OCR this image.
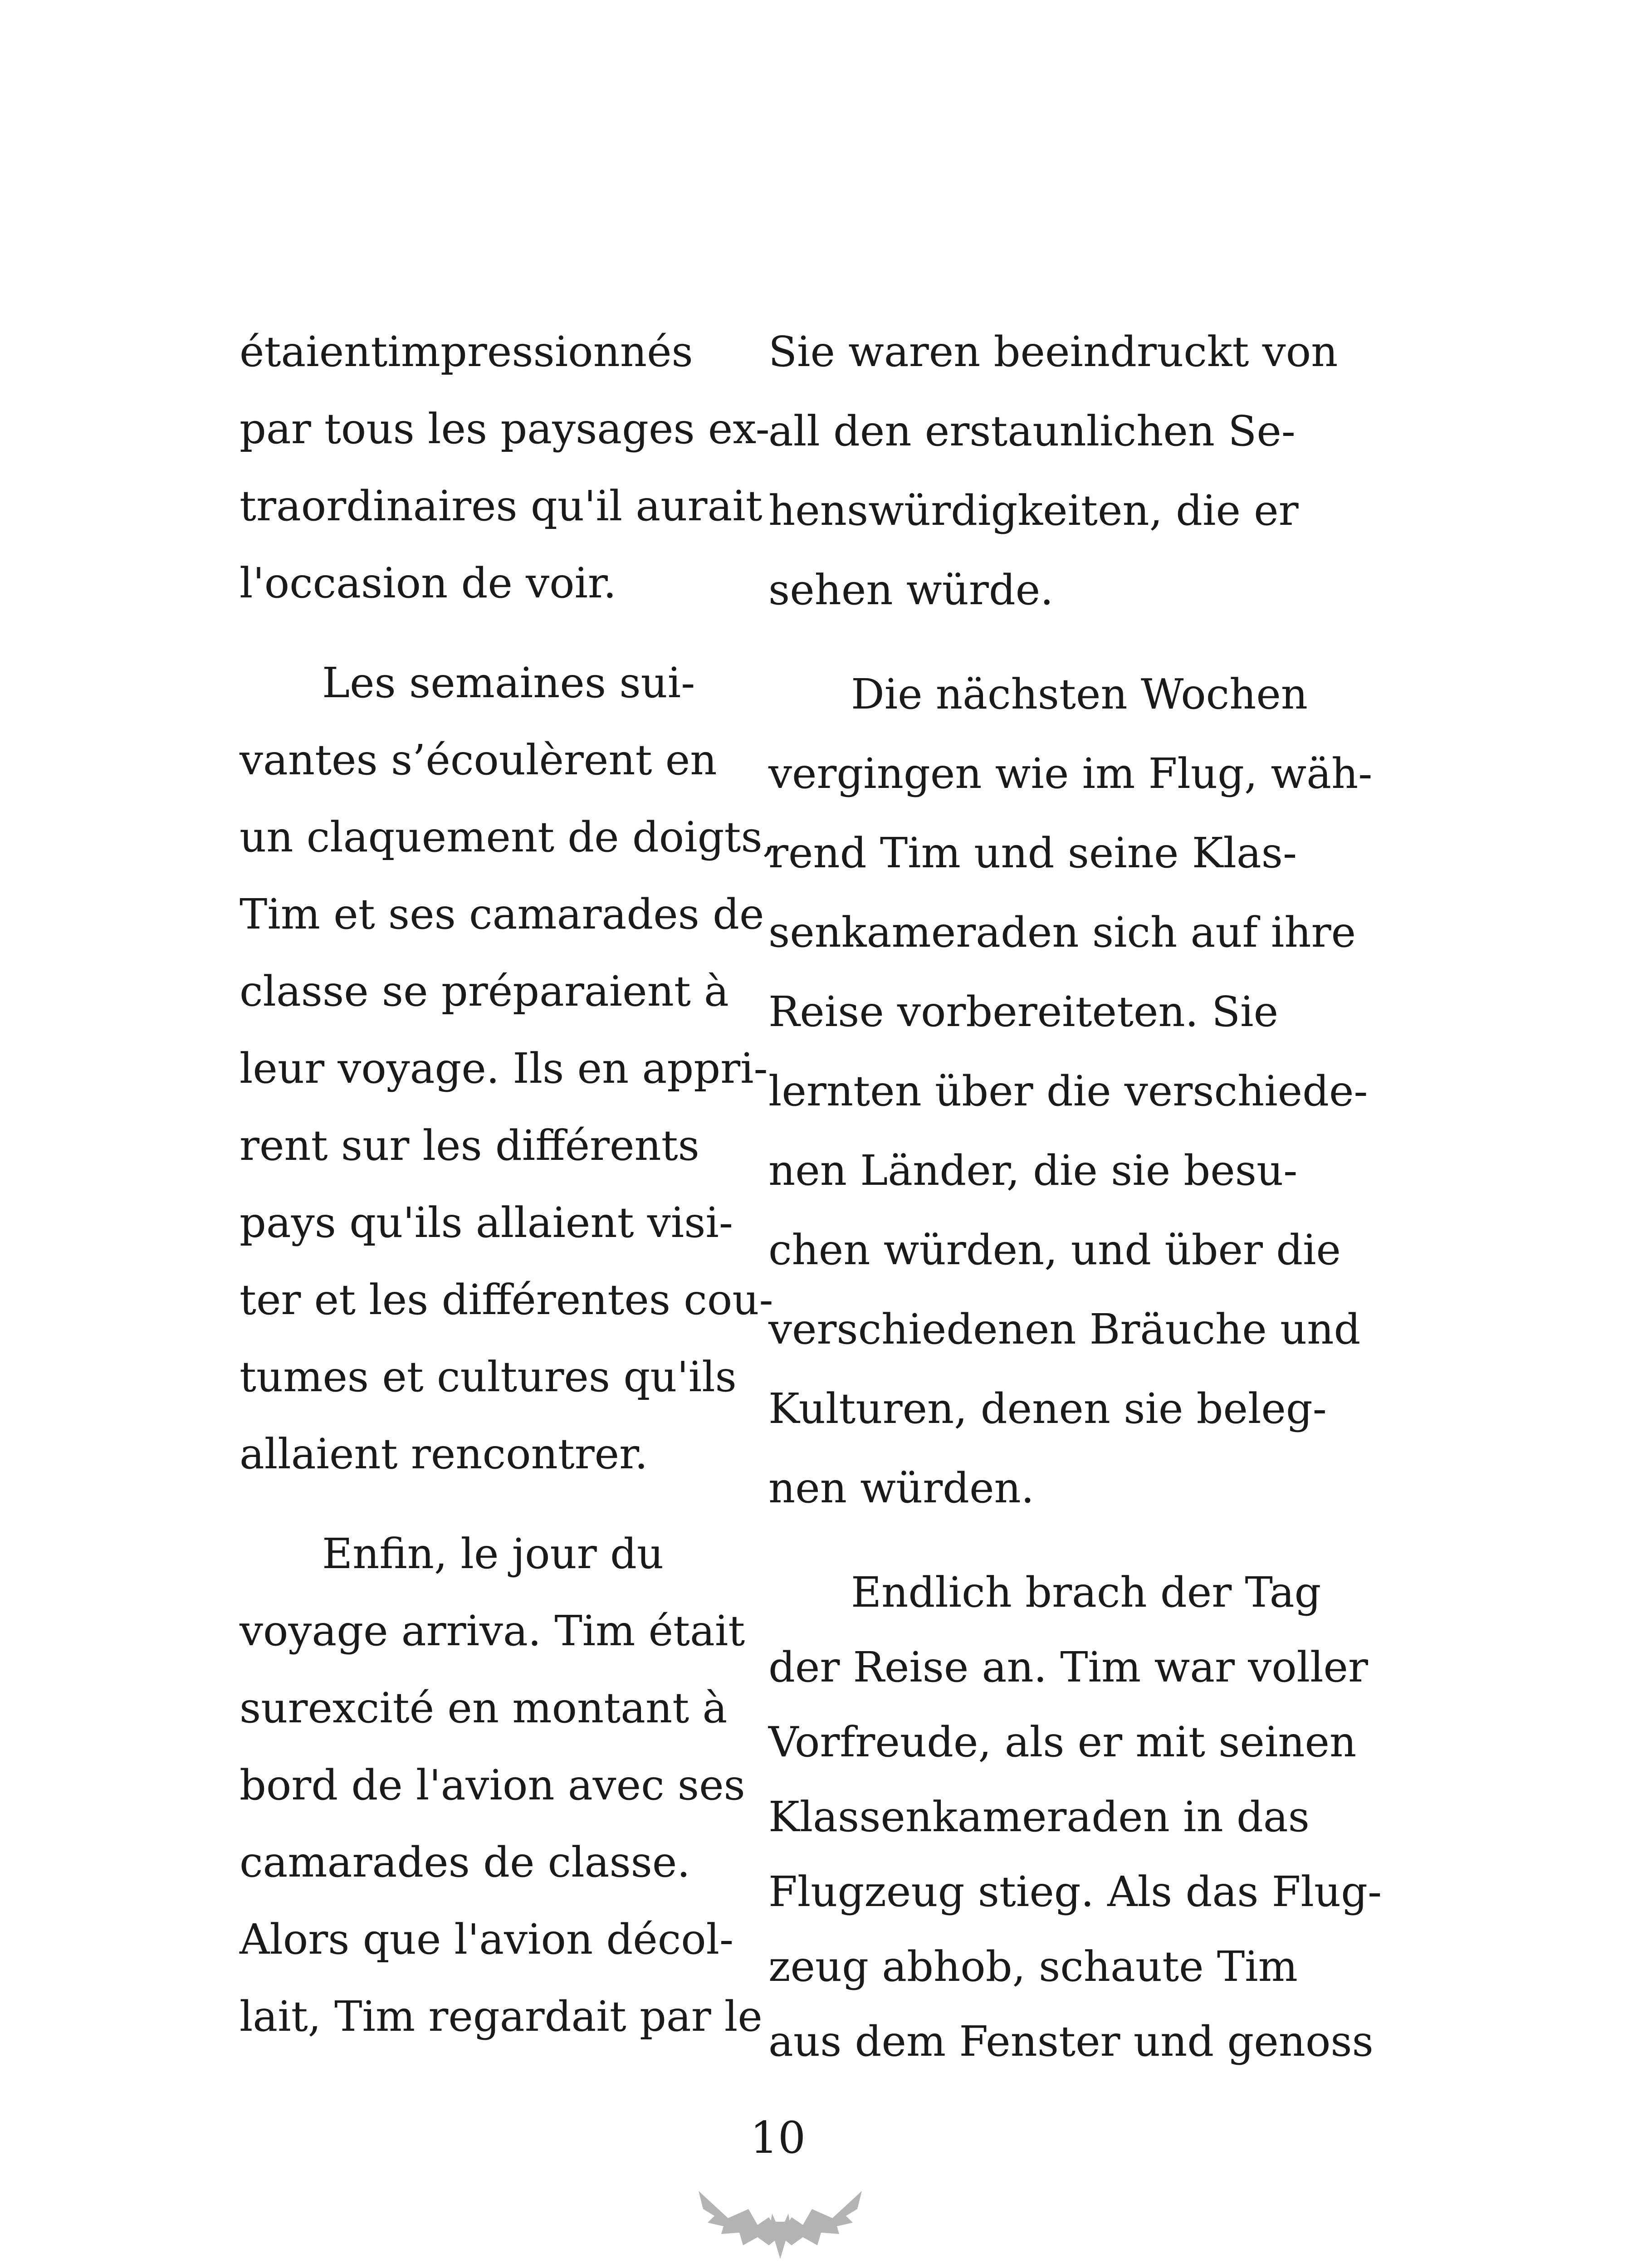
étaientimpressionnés
par tous les paysages ex-
traordinaires qu'il aurait
l'occasion de voir.
Les semaines sui-
vantes s’écoulèrent en
un claquement de doigts,
Tim et ses camarades de
classe se préparaient à
leur voyage. Ils en appri-
rent sur les différents
pays qu'ils allaient visi-
ter et les différentes cou-
tumes et cultures qu'ils
allaient rencontrer.
Enfin, le jour du
voyage arriva. Tim était
surexcité en montant à
bord de l'avion avec ses
camarades de classe.
Alors que l'avion décol-
lait, Tim regardait par le
Sie waren beeindruckt von
all den erstaunlichen Se-
henswürdigkeiten, die er
sehen würde.
Die nächsten Wochen
vergingen wie im Flug, wäh-
rend Tim und seine Klas-
senkameraden sich auf ihre
Reise vorbereiteten. Sie
lernten über die verschiede-
nen Länder, die sie besu-
chen würden, und über die
verschiedenen Bräuche und
Kulturen, denen sie beleg-
nen würden.
Endlich brach der Tag
der Reise an. Tim war voller
Vorfreude, als er mit seinen
Klassenkameraden in das
Flugzeug stieg. Als das Flug-
zeug abhob, schaute Tim
aus dem Fenster und genoss
10
